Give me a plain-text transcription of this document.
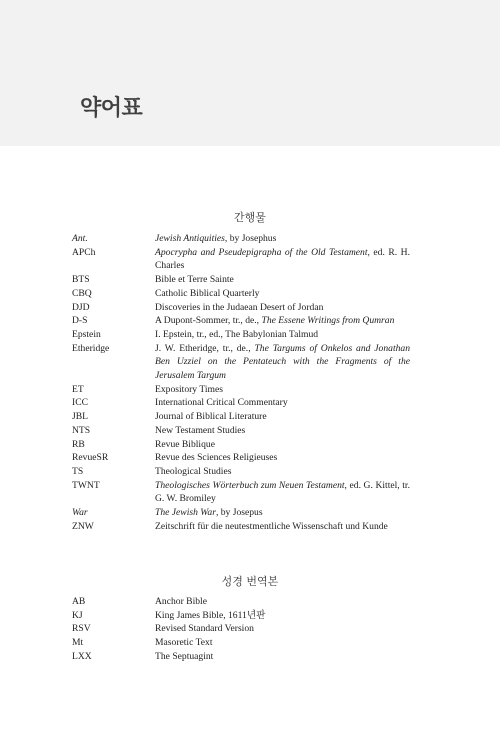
약어표
간행물
Ant.	Jewish Antiquities, by Josephus
APCh	Apocrypha and Pseudepigrapha of the Old Testament, ed. R. H. Charles
BTS	Bible et Terre Sainte
CBQ	Catholic Biblical Quarterly
DJD	Discoveries in the Judaean Desert of Jordan
D-S	A Dupont-Sommer, tr., de., The Essene Writings from Qumran
Epstein	I. Epstein, tr., ed., The Babylonian Talmud
Etheridge	J. W. Etheridge, tr., de., The Targums of Onkelos and Jonathan Ben Uzziel on the Pentateuch with the Fragments of the Jerusalem Targum
ET	Expository Times
ICC	International Critical Commentary
JBL	Journal of Biblical Literature
NTS	New Testament Studies
RB	Revue Biblique
RevueSR	Revue des Sciences Religieuses
TS	Theological Studies
TWNT	Theologisches Wörterbuch zum Neuen Testament, ed. G. Kittel, tr. G. W. Bromiley
War	The Jewish War, by Josepus
ZNW	Zeitschrift für die neutestmentliche Wissenschaft und Kunde
성경 번역본
AB	Anchor Bible
KJ	King James Bible, 1611년판
RSV	Revised Standard Version
Mt	Masoretic Text
LXX	The Septuagint
